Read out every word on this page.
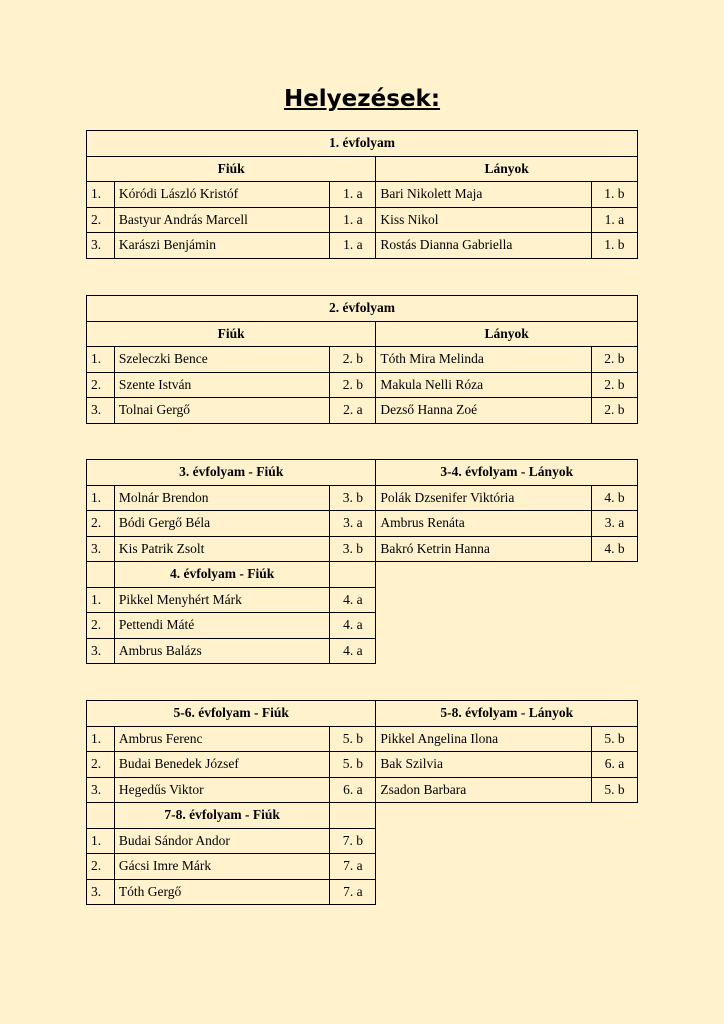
Helyezések:
1. évfolyam				
Fiúk			Lányok	
1.	Kóródi László Kristóf	1. a	Bari Nikolett Maja	1. b
2.	Bastyur András Marcell	1. a	Kiss Nikol	1. a
3.	Karászi Benjámin	1. a	Rostás Dianna Gabriella	1. b
2. évfolyam				
Fiúk			Lányok	
1.	Szeleczki Bence	2. b	Tóth Mira Melinda	2. b
2.	Szente István	2. b	Makula Nelli Róza	2. b
3.	Tolnai Gergő	2. a	Dezső Hanna Zoé	2. b
3. évfolyam - Fiúk			3-4. évfolyam - Lányok	
1.	Molnár Brendon	3. b	Polák Dzsenifer Viktória	4. b
2.	Bódi Gergő Béla	3. a	Ambrus Renáta	3. a
3.	Kis Patrik Zsolt	3. b	Bakró Ketrin Hanna	4. b
	4. évfolyam - Fiúk			
1.	Pikkel Menyhért Márk	4. a		
2.	Pettendi Máté	4. a		
3.	Ambrus Balázs	4. a		
5-6. évfolyam - Fiúk			5-8. évfolyam - Lányok	
1.	Ambrus Ferenc	5. b	Pikkel Angelina Ilona	5. b
2.	Budai Benedek József	5. b	Bak Szilvia	6. a
3.	Hegedűs Viktor	6. a	Zsadon Barbara	5. b
	7-8. évfolyam - Fiúk			
1.	Budai Sándor Andor	7. b		
2.	Gácsi Imre Márk	7. a		
3.	Tóth Gergő	7. a		
